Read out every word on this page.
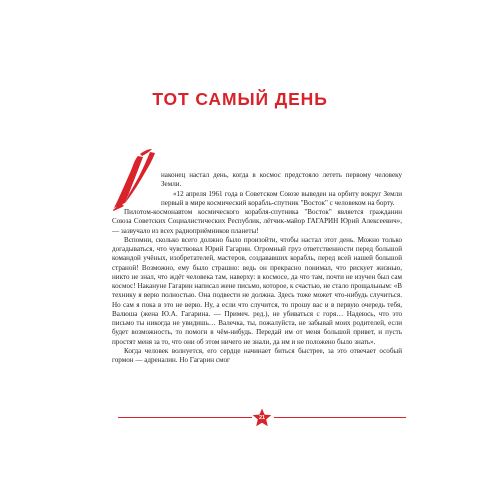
ТОТ САМЫЙ ДЕНЬ

наконец настал день, когда в космос предстояло лететь первому человеку Земли.

«12 апреля 1961 года в Советском Союзе выведен на орбиту вокруг Земли первый в мире космический корабль-спутник "Восток" с человеком на борту.

Пилотом-космонавтом космического корабля-спутника "Восток" является гражданин Союза Советских Социалистических Республик, лётчик-майор ГАГАРИН Юрий Алексеевич», — зазвучало из всех радиоприёмников планеты!

Вспомни, сколько всего должно было произойти, чтобы настал этот день. Можно только догадываться, что чувствовал Юрий Гагарин. Огромный груз ответственности перед большой командой учёных, изобретателей, мастеров, создававших корабль, перед всей нашей большой страной! Возможно, ему было страшно: ведь он прекрасно понимал, что рискует жизнью, никто не знал, что ждёт человека там, наверху: в космосе, да что там, почти не изучен был сам космос! Накануне Гагарин написал жене письмо, которое, к счастью, не стало прощальным: «В технику я верю полностью. Она подвести не должна. Здесь тоже может что-нибудь случиться. Но сам я пока в это не верю. Ну, а если что случится, то прошу вас и в первую очередь тебя, Валюша (жена Ю.А. Гагарина. — Примеч. ред.), не убиваться с горя… Надеюсь, что это письмо ты никогда не увидишь… Валечка, ты, пожалуйста, не забывай моих родителей, если будет возможность, то помоги в чём-нибудь. Передай им от меня большой привет, и пусть простят меня за то, что они об этом ничего не знали, да им и не положено было знать».

Когда человек волнуется, его сердце начинает биться быстрее, за это отвечает особый гормон — адреналин. Но Гагарин смог

21
